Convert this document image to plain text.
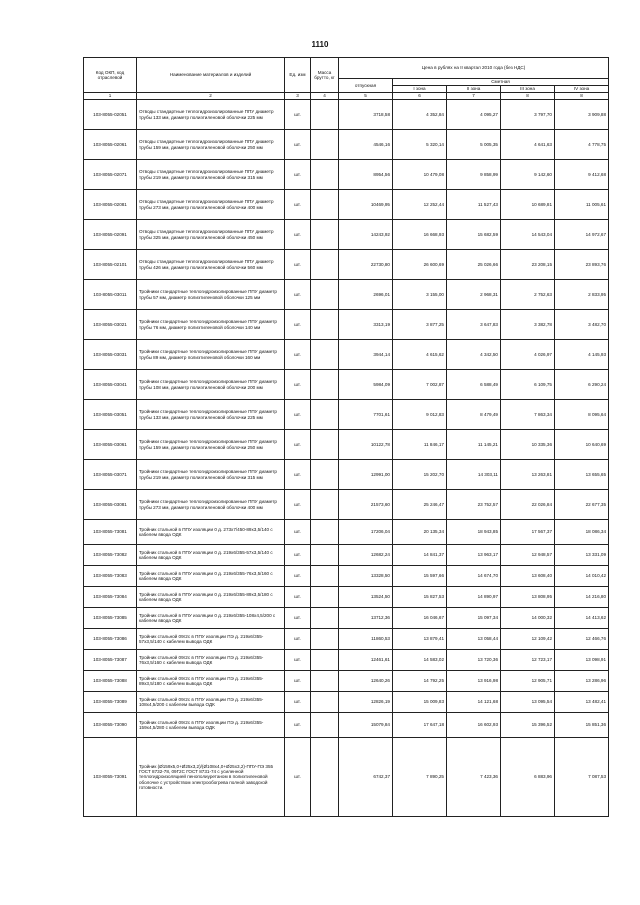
1110
Код ОКП, код отраслевой	Наименование материалов и изделий	Ед. изм	Масса брутто, кг	Цена в рублях на II квартал 2010 года (без НДС)				
				отпускная	Сметная			
					I зона	II зона	III зона	IV зона
1	2	3	4	5	6	7	8	8
103-8055-02051	Отводы стандартные теплогидроизолированные ППУ диаметр трубы 133 мм, диаметр полиэтиленовой оболочки 225 мм	шт.		3718,58	4 352,84	4 095,27	3 797,70	3 909,88
103-8055-02061	Отводы стандартные теплогидроизолированные ППУ диаметр трубы 159 мм, диаметр полиэтиленовой оболочки 250 мм	шт.		4546,16	5 320,14	5 005,35	4 641,63	4 778,75
103-8055-02071	Отводы стандартные теплогидроизолированные ППУ диаметр трубы 219 мм, диаметр полиэтиленовой оболочки 315 мм	шт.		8954,56	10 479,08	9 858,99	9 142,60	9 412,68
103-8055-02081	Отводы стандартные теплогидроизолированные ППУ диаметр трубы 273 мм, диаметр полиэтиленовой оболочки 400 мм	шт.		10469,95	12 252,44	11 527,43	10 689,81	11 005,61
103-8055-02091	Отводы стандартные теплогидроизолированные ППУ диаметр трубы 325 мм, диаметр полиэтиленовой оболочки 450 мм	шт.		14243,92	16 668,93	15 682,59	14 543,04	14 972,67
103-8055-02101	Отводы стандартные теплогидроизолированные ППУ диаметр трубы 426 мм, диаметр полиэтиленовой оболочки 560 мм	шт.		22730,80	26 600,69	25 026,66	23 208,15	23 893,76
103-8055-03011	Тройники стандартные теплогидроизолированные ППУ диаметр трубы 57 мм, диаметр полиэтиленовой оболочки 125 мм	шт.		2696,01	3 155,00	2 968,31	2 752,63	2 833,95
103-8055-03021	Тройники стандартные теплогидроизолированные ППУ диаметр трубы 76 мм, диаметр полиэтиленовой оболочки 140 мм	шт.		3313,19	3 877,25	3 647,83	3 382,78	3 482,70
103-8055-03031	Тройники стандартные теплогидроизолированные ППУ диаметр трубы 89 мм, диаметр полиэтиленовой оболочки 160 мм	шт.		3944,14	4 615,62	4 342,50	4 026,97	4 145,93
103-8055-03041	Тройники стандартные теплогидроизолированные ППУ диаметр трубы 108 мм, диаметр полиэтиленовой оболочки 200 мм	шт.		5984,09	7 002,87	6 588,49	6 109,75	6 290,24
103-8055-03051	Тройники стандартные теплогидроизолированные ППУ диаметр трубы 133 мм, диаметр полиэтиленовой оболочки 225 мм	шт.		7701,61	9 012,83	8 479,49	7 863,34	8 095,64
103-8055-03061	Тройники стандартные теплогидроизолированные ППУ диаметр трубы 159 мм, диаметр полиэтиленовой оболочки 250 мм	шт.		10122,78	11 846,17	11 145,21	10 335,36	10 640,69
103-8055-03071	Тройники стандартные теплогидроизолированные ППУ диаметр трубы 219 мм, диаметр полиэтиленовой оболочки 315 мм	шт.		12991,00	15 202,70	14 303,11	13 263,81	13 655,65
103-8055-03081	Тройники стандартные теплогидроизолированные ППУ диаметр трубы 273 мм, диаметр полиэтиленовой оболочки 400 мм	шт.		21573,60	25 246,47	23 752,57	22 026,84	22 677,35
103-8055-73081	Тройник стальной в ППУ изоляции 0 д. 273х7/450-89х3,5/140 с кабелем ввода ОДК	шт.		17206,04	20 135,34	18 943,85	17 567,37	18 086,34
103-8055-73082	Тройник стальной в ППУ изоляции 0 д. 219х6/355-57х3,5/140 с кабелем ввода ОДК	шт.		12682,24	14 841,37	13 963,17	12 948,57	13 331,09
103-8055-73083	Тройник стальной в ППУ изоляции 0 д. 219х6/355-76х3,5/160 с кабелем ввода ОДК	шт.		13328,50	15 597,66	14 674,70	13 608,40	14 010,42
103-8055-73084	Тройник стальной в ППУ изоляции 0 д. 219х6/355-89х3,5/180 с кабелем ввода ОДК	шт.		13524,50	15 827,53	14 890,97	13 808,95	14 216,80
103-8055-73085	Тройник стальной в ППУ изоляции 0 д. 219х6/355-108х4,5/200 с кабелем ввода ОДК	шт.		13712,36	16 046,67	15 097,34	14 000,32	14 413,62
103-8055-73086	Тройник стальной 09г2с в ППУ изоляции ПЭ д. 219х6/355-57х3,5/140 с кабелем вывода ОДК	шт.		11860,53	13 879,41	13 058,44	12 109,42	12 466,76
103-8055-73087	Тройник стальной 09г2с в ППУ изоляции ПЭ д. 219х6/355-76х3,5/160 с кабелем вывода ОДК	шт.		12461,61	14 583,02	13 720,36	12 723,17	13 098,91
103-8055-73088	Тройник стальной 09г2с в ППУ изоляции ПЭ д. 219х6/355-89х3,5/180 с кабелем вывода ОДК	шт.		12640,26	14 792,25	13 916,98	12 905,71	13 286,96
103-8055-73089	Тройник стальной 09г2с в ППУ изоляции ПЭ д. 219х6/355-108х4,5/200 с кабелем вывода ОДК	шт.		12826,19	15 009,83	14 121,68	13 095,54	13 482,41
103-8055-73090	Тройник стальной 09г2с в ППУ изоляции ПЭ д. 219х6/355-159х4,5/280 с кабелем вывода ОДК	шт.		15079,84	17 647,18	16 602,93	15 396,52	15 851,36
103-8055-73091	Тройник (Ø159х5,0+Ø25х3,2)/(Ø108х4,0+Ø25х3,2)-ППУ-ПЭ 355 ГОСТ 8732-78, 09Г2С ГОСТ 8731-74 с усиленной теплогидроизоляцией пенополиуретаном в полиэтиленовой оболочке с устройством электрообогрева полной заводской готовности.	шт.		6742,37	7 890,25	7 423,36	6 883,96	7 087,53
